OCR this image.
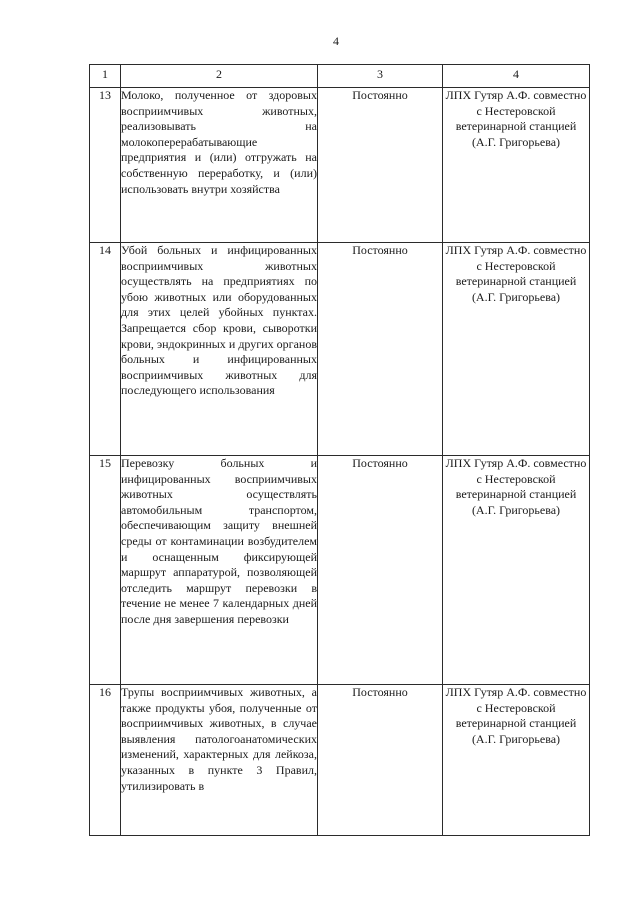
4
1	2	3	4
13	Молоко, полученное от здоровых восприимчивых животных, реализовывать на молокоперерабатывающие предприятия и (или) отгружать на собственную переработку, и (или) использовать внутри хозяйства	Постоянно	ЛПХ Гутяр А.Ф. совместно с Нестеровской ветеринарной станцией (А.Г. Григорьева)
14	Убой больных и инфицированных восприимчивых животных осуществлять на предприятиях по убою животных или оборудованных для этих целей убойных пунктах. Запрещается сбор крови, сыворотки крови, эндокринных и других органов больных и инфицированных восприимчивых животных для последующего использования	Постоянно	ЛПХ Гутяр А.Ф. совместно с Нестеровской ветеринарной станцией (А.Г. Григорьева)
15	Перевозку больных и инфицированных восприимчивых животных осуществлять автомобильным транспортом, обеспечивающим защиту внешней среды от контаминации возбудителем и оснащенным фиксирующей маршрут аппаратурой, позволяющей отследить маршрут перевозки в течение не менее 7 календарных дней после дня завершения перевозки	Постоянно	ЛПХ Гутяр А.Ф. совместно с Нестеровской ветеринарной станцией (А.Г. Григорьева)
16	Трупы восприимчивых животных, а также продукты убоя, полученные от восприимчивых животных, в случае выявления патологоанатомических изменений, характерных для лейкоза, указанных в пункте 3 Правил, утилизировать в	Постоянно	ЛПХ Гутяр А.Ф. совместно с Нестеровской ветеринарной станцией (А.Г. Григорьева)
